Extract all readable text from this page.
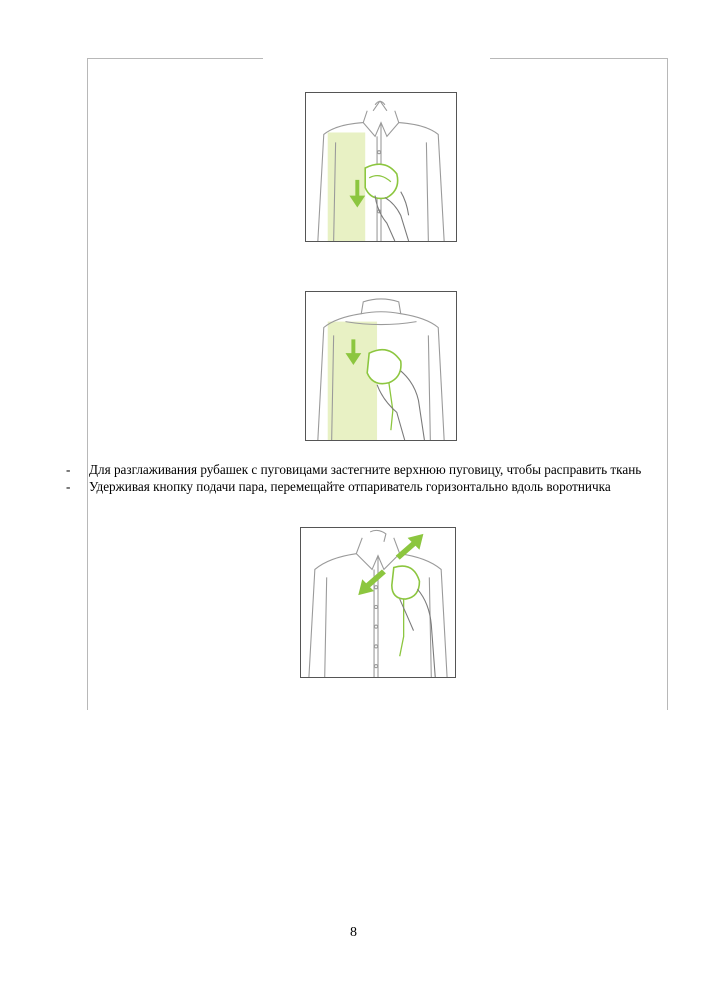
- Для разглаживания рубашек с пуговицами застегните верхнюю пуговицу, чтобы расправить ткань
- Удерживая кнопку подачи пара, перемещайте отпариватель горизонтально вдоль воротничка
8
